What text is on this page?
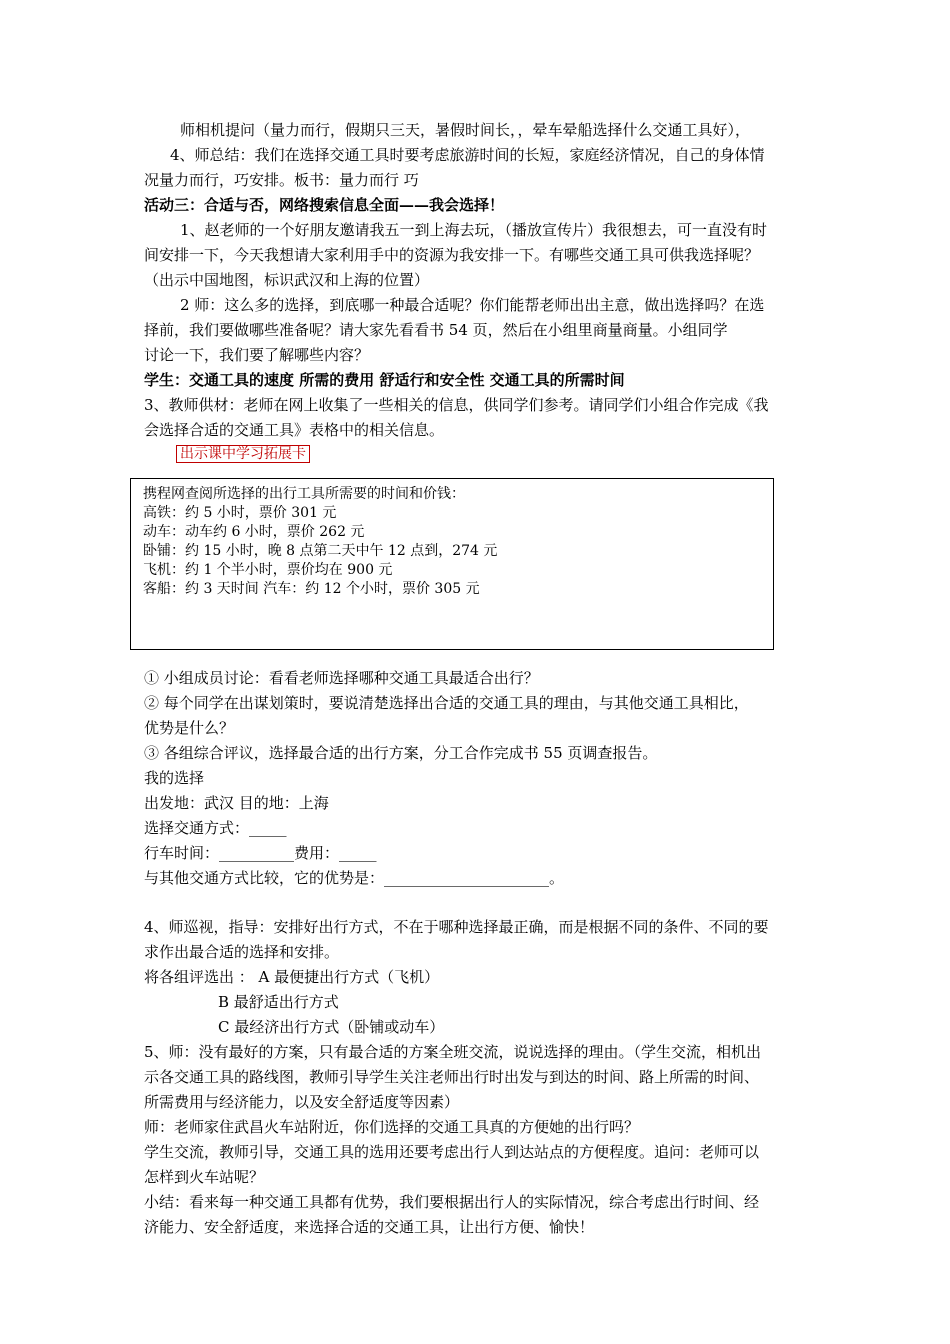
师相机提问（量力而行，假期只三天，暑假时间长，，晕车晕船选择什么交通工具好），
4、师总结：我们在选择交通工具时要考虑旅游时间的长短，家庭经济情况，自己的身体情
况量力而行，巧安排。板书：量力而行 巧
活动三：合适与否，网络搜索信息全面——我会选择！
1、赵老师的一个好朋友邀请我五一到上海去玩，（播放宣传片）我很想去，可一直没有时
间安排一下，今天我想请大家利用手中的资源为我安排一下。有哪些交通工具可供我选择呢？
（出示中国地图，标识武汉和上海的位置）
2 师：这么多的选择，到底哪一种最合适呢？你们能帮老师出出主意，做出选择吗？在选
择前，我们要做哪些准备呢？请大家先看看书 54 页，然后在小组里商量商量。小组同学
讨论一下，我们要了解哪些内容？
学生：交通工具的速度 所需的费用 舒适行和安全性 交通工具的所需时间
3、教师供材：老师在网上收集了一些相关的信息，供同学们参考。请同学们小组合作完成《我
会选择合适的交通工具》表格中的相关信息。
出示课中学习拓展卡
携程网查阅所选择的出行工具所需要的时间和价钱：
高铁：约 5 小时，票价 301 元
动车：动车约 6 小时，票价 262 元
卧铺：约 15 小时，晚 8 点第二天中午 12 点到，274 元
飞机：约 1 个半小时，票价均在 900 元
客船：约 3 天时间 汽车：约 12 个小时，票价 305 元
① 小组成员讨论：看看老师选择哪种交通工具最适合出行？
② 每个同学在出谋划策时，要说清楚选择出合适的交通工具的理由，与其他交通工具相比，
优势是什么？
③ 各组综合评议，选择最合适的出行方案，分工合作完成书 55 页调查报告。
我的选择
出发地：武汉 目的地：上海
选择交通方式：_____
行车时间：__________费用：_____
与其他交通方式比较，它的优势是：______________________。
4、师巡视，指导：安排好出行方式，不在于哪种选择最正确，而是根据不同的条件、不同的要
求作出最合适的选择和安排。
将各组评选出 ： A 最便捷出行方式（飞机）
B 最舒适出行方式
C 最经济出行方式（卧铺或动车）
5、师：没有最好的方案，只有最合适的方案全班交流，说说选择的理由。（学生交流，相机出
示各交通工具的路线图，教师引导学生关注老师出行时出发与到达的时间、路上所需的时间、
所需费用与经济能力，以及安全舒适度等因素）
师：老师家住武昌火车站附近，你们选择的交通工具真的方便她的出行吗？
学生交流，教师引导，交通工具的选用还要考虑出行人到达站点的方便程度。追问：老师可以
怎样到火车站呢？
小结：看来每一种交通工具都有优势，我们要根据出行人的实际情况，综合考虑出行时间、经
济能力、安全舒适度，来选择合适的交通工具，让出行方便、愉快！
